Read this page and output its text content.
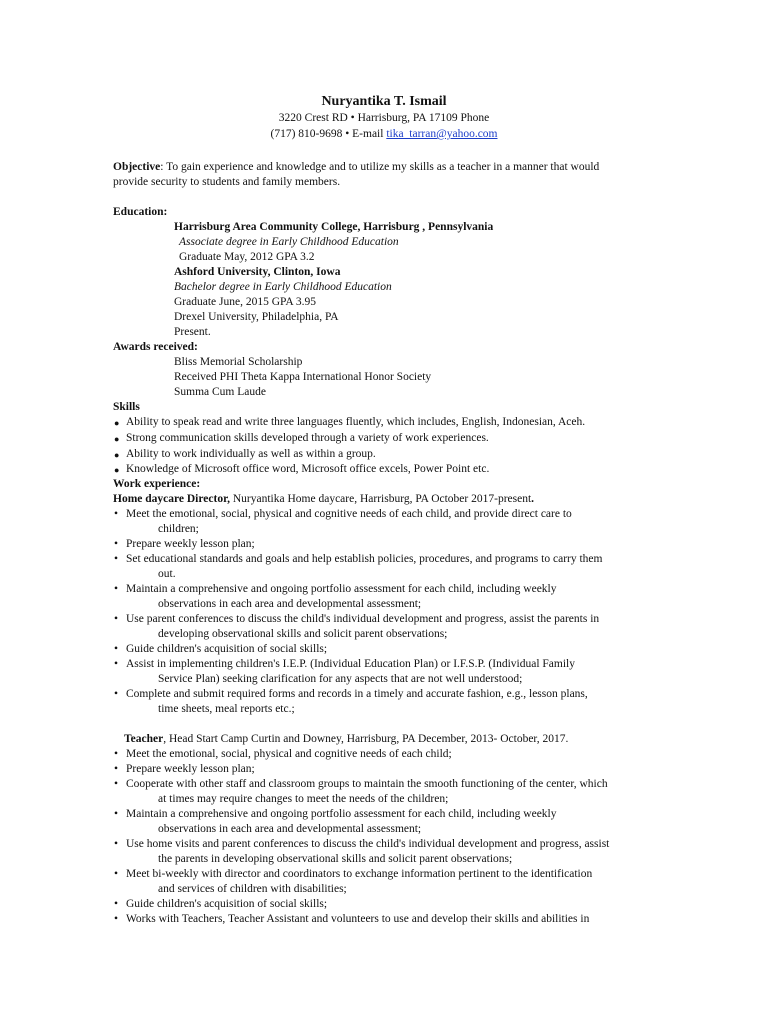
Nuryantika T. Ismail
3220 Crest RD • Harrisburg, PA 17109 Phone
(717) 810-9698 • E-mail tika_tarran@yahoo.com
Objective: To gain experience and knowledge and to utilize my skills as a teacher in a manner that would
provide security to students and family members.
Education:
Harrisburg Area Community College, Harrisburg , Pennsylvania
Associate degree in Early Childhood Education
Graduate May, 2012 GPA 3.2
Ashford University, Clinton, Iowa
Bachelor degree in Early Childhood Education
Graduate June, 2015 GPA 3.95
Drexel University, Philadelphia, PA
Present.
Awards received:
Bliss Memorial Scholarship
Received PHI Theta Kappa International Honor Society
Summa Cum Laude
Skills
● Ability to speak read and write three languages fluently, which includes, English, Indonesian, Aceh.
● Strong communication skills developed through a variety of work experiences.
● Ability to work individually as well as within a group.
● Knowledge of Microsoft office word, Microsoft office excels, Power Point etc.
Work experience:
Home daycare Director, Nuryantika Home daycare, Harrisburg, PA October 2017-present.
• Meet the emotional, social, physical and cognitive needs of each child, and provide direct care to
children;
• Prepare weekly lesson plan;
• Set educational standards and goals and help establish policies, procedures, and programs to carry them
out.
• Maintain a comprehensive and ongoing portfolio assessment for each child, including weekly
observations in each area and developmental assessment;
• Use parent conferences to discuss the child's individual development and progress, assist the parents in
developing observational skills and solicit parent observations;
• Guide children's acquisition of social skills;
• Assist in implementing children's I.E.P. (Individual Education Plan) or I.F.S.P. (Individual Family
Service Plan) seeking clarification for any aspects that are not well understood;
• Complete and submit required forms and records in a timely and accurate fashion, e.g., lesson plans,
time sheets, meal reports etc.;
Teacher, Head Start Camp Curtin and Downey, Harrisburg, PA December, 2013- October, 2017.
• Meet the emotional, social, physical and cognitive needs of each child;
• Prepare weekly lesson plan;
• Cooperate with other staff and classroom groups to maintain the smooth functioning of the center, which
at times may require changes to meet the needs of the children;
• Maintain a comprehensive and ongoing portfolio assessment for each child, including weekly
observations in each area and developmental assessment;
• Use home visits and parent conferences to discuss the child's individual development and progress, assist
the parents in developing observational skills and solicit parent observations;
• Meet bi-weekly with director and coordinators to exchange information pertinent to the identification
and services of children with disabilities;
• Guide children's acquisition of social skills;
• Works with Teachers, Teacher Assistant and volunteers to use and develop their skills and abilities in
